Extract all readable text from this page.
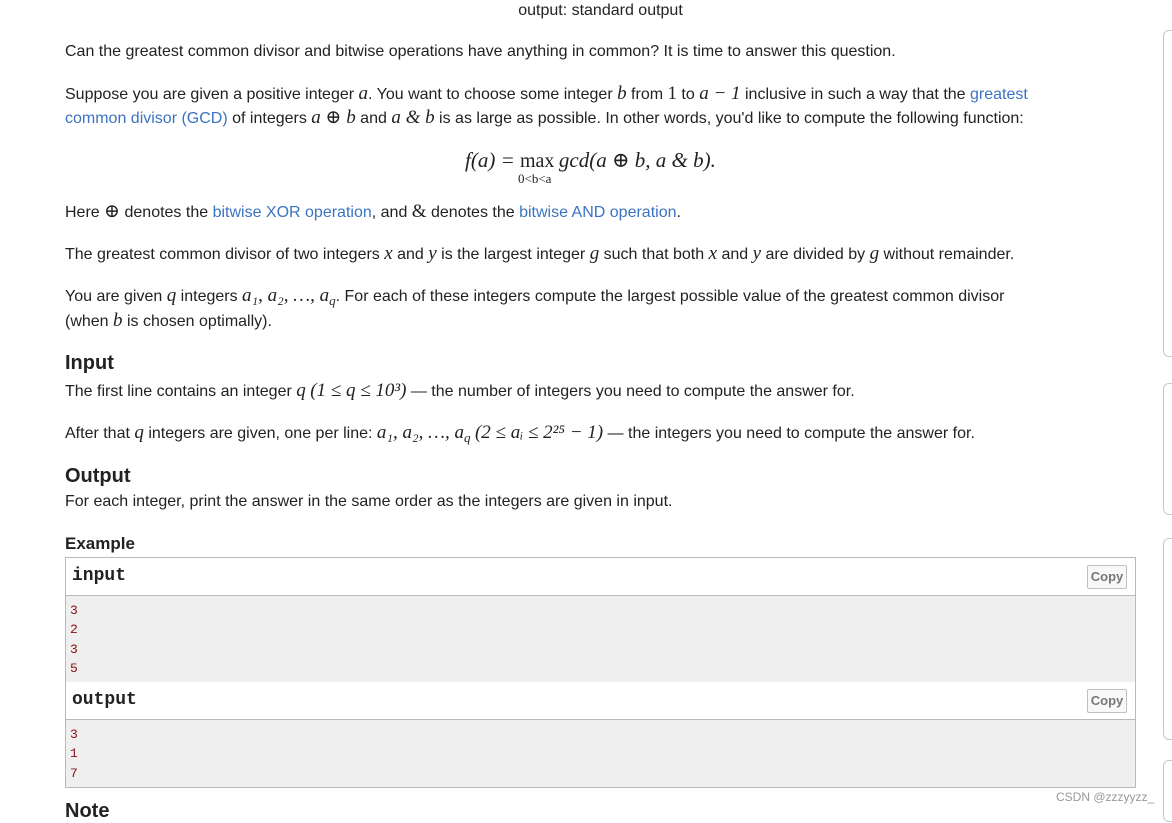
output: standard output
Can the greatest common divisor and bitwise operations have anything in common? It is time to answer this question.
Suppose you are given a positive integer a. You want to choose some integer b from 1 to a − 1 inclusive in such a way that the greatest
common divisor (GCD) of integers a ⊕ b and a & b is as large as possible. In other words, you'd like to compute the following function:
f(a) = max
0<b<a
gcd(a ⊕ b, a & b).
Here ⊕ denotes the bitwise XOR operation, and & denotes the bitwise AND operation.
The greatest common divisor of two integers x and y is the largest integer g such that both x and y are divided by g without remainder.
You are given q integers a₁, a₂, …, $a_q$. For each of these integers compute the largest possible value of the greatest common divisor
(when b is chosen optimally).
Input
The first line contains an integer q (1 ≤ q ≤ 10³) — the number of integers you need to compute the answer for.
After that q integers are given, one per line: a₁, a₂, …, $a_q$ (2 ≤ aᵢ ≤ 2²⁵ − 1) — the integers you need to compute the answer for.
Output
For each integer, print the answer in the same order as the integers are given in input.
Example
input	Copy
3
2
3
5
output	Copy
3
1
7
Note
CSDN @zzzyyzz_
